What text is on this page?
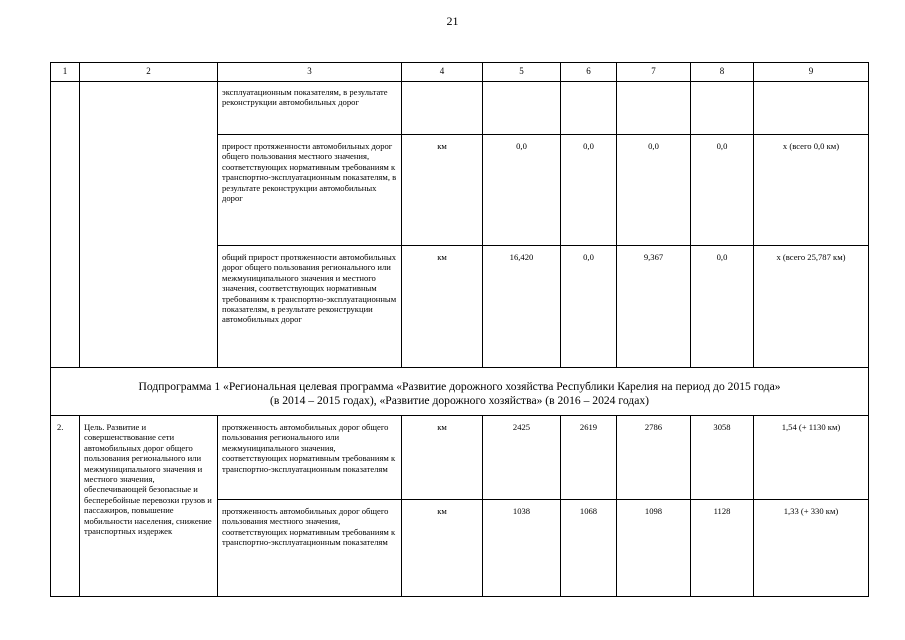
21
1	2	3	4	5	6	7	8	9
		эксплуатационным показателям, в результате реконструкции автомобильных дорог						
		прирост протяженности автомобильных дорог общего пользования местного значения, соответствующих нормативным требованиям к транспортно-эксплуатационным показателям, в результате реконструкции автомобильных дорог	км	0,0	0,0	0,0	0,0	х (всего 0,0 км)
		общий прирост протяженности автомобильных дорог общего пользования регионального или межмуниципального значения и местного значения, соответствующих нормативным требованиям к транспортно-эксплуатационным показателям, в результате реконструкции автомобильных дорог	км	16,420	0,0	9,367	0,0	х (всего 25,787 км)
Подпрограмма 1 «Региональная целевая программа «Развитие дорожного хозяйства Республики Карелия на период до 2015 года»
(в 2014 – 2015 годах), «Развитие дорожного хозяйства» (в 2016 – 2024 годах)								
2.	Цель. Развитие и совершенствование сети автомобильных дорог общего пользования регионального или межмуниципального значения и местного значения, обеспечивающей безопасные и бесперебойные перевозки грузов и пассажиров, повышение мобильности населения, снижение транспортных издержек	протяженность автомобильных дорог общего пользования регионального или межмуниципального значения, соответствующих нормативным требованиям к транспортно-эксплуатационным показателям	км	2425	2619	2786	3058	1,54 (+ 1130 км)
		протяженность автомобильных дорог общего пользования местного значения, соответствующих нормативным требованиям к транспортно-эксплуатационным показателям	км	1038	1068	1098	1128	1,33 (+ 330 км)
